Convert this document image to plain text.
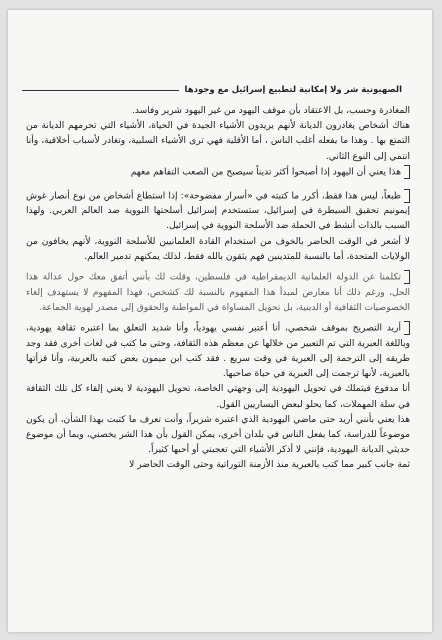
الصهيونية شر ولا إمكانية لتطبيع إسرائيل مع وجودها

المغادرة وحسب، بل الاعتقاد بأن موقف اليهود من غير اليهود شرير وفاسد.

هناك أشخاص يغادرون الديانة لأنهم يريدون الأشياء الجيدة في الحياة، الأشياء التي تحرمهم الديانة من التمتع بها . وهذا ما يفعله أغلب الناس ، أما الأقلية فهي ترى الأشياء السلبية، وتغادر لأسباب أخلاقية، وأنا انتمي إلى النوع الثاني.

هذا يعني أن اليهود إذا أصبحوا أكثر تديناً سيصبح من الصعب التفاهم معهم

طبعاً، ليس هذا فقط، أكرر ما كتبته في «أسرار مفضوحة»: إذا استطاع أشخاص من نوع أنصار غوش إيمونيم تحقيق السيطرة في إسرائيل، ستستخدم إسرائيل أسلحتها النووية ضد العالم العربي. ولهذا السبب بالذات أنشط في الحملة ضد الأسلحة النووية في إسرائيل.

لا أشعر في الوقت الحاضر بالخوف من استخدام القادة العلمانيين للأسلحة النووية، لأنهم يخافون من الولايات المتحدة، أما بالنسبة للمتدينين فهم يثقون بالله فقط، لذلك يمكنهم تدمير العالم.

تكلمنا عن الدولة العلمانية الديمقراطية في فلسطين، وقلت لك بأنني أتفق معك حول عدالة هذا الحل، ورغم ذلك أنا معارض لمبدأ هذا المفهوم بالنسبة لك كشخص، فهذا المفهوم لا يستهدف إلغاء الخصوصيات الثقافية أو الدينية، بل تحويل المساواة في المواطنة والحقوق إلى مصدر لهوية الجماعة.

أريد التصريح بموقف شخصي، أنا أعتبر نفسي يهودياً، وأنا شديد التعلق بما اعتبره ثقافة يهودية، وباللغة العبرية التي تم التعبير من خلالها عن معظم هذه الثقافة، وحتى ما كتب في لغات أخرى فقد وجد طريقه إلى الترجمة إلى العبرية في وقت سريع . فقد كتب ابن ميمون بعض كتبه بالعربية، وأنا قرأتها بالعبرية، لأنها ترجمت إلى العبرية في حياة صاحبها.

أنا مدفوع فيتملك في تحويل اليهودية إلى وجهتي الخاصة، تحويل اليهودية لا يعني إلقاء كل تلك الثقافة في سلة المهملات، كما يحلو لبعض اليساريين القول.

هذا يعني بأنني أريد حتى ماضي اليهودية الذي اعتبره شريراً، وأنت تعرف ما كتبت بهذا الشأن، أن يكون موضوعاً للدراسة، كما يفعل الناس في بلدان أخرى، يمكن القول بأن هذا الشر يخصني، وبما أن موضوع حديثي الديانة اليهودية، فإنني لا أذكر الأشياء التي تعجبني أو أحبها كثيراً.

ثمة جانب كبير مما كتب بالعبرية منذ الأزمنة التوراتية وحتى الوقت الحاضر لا
